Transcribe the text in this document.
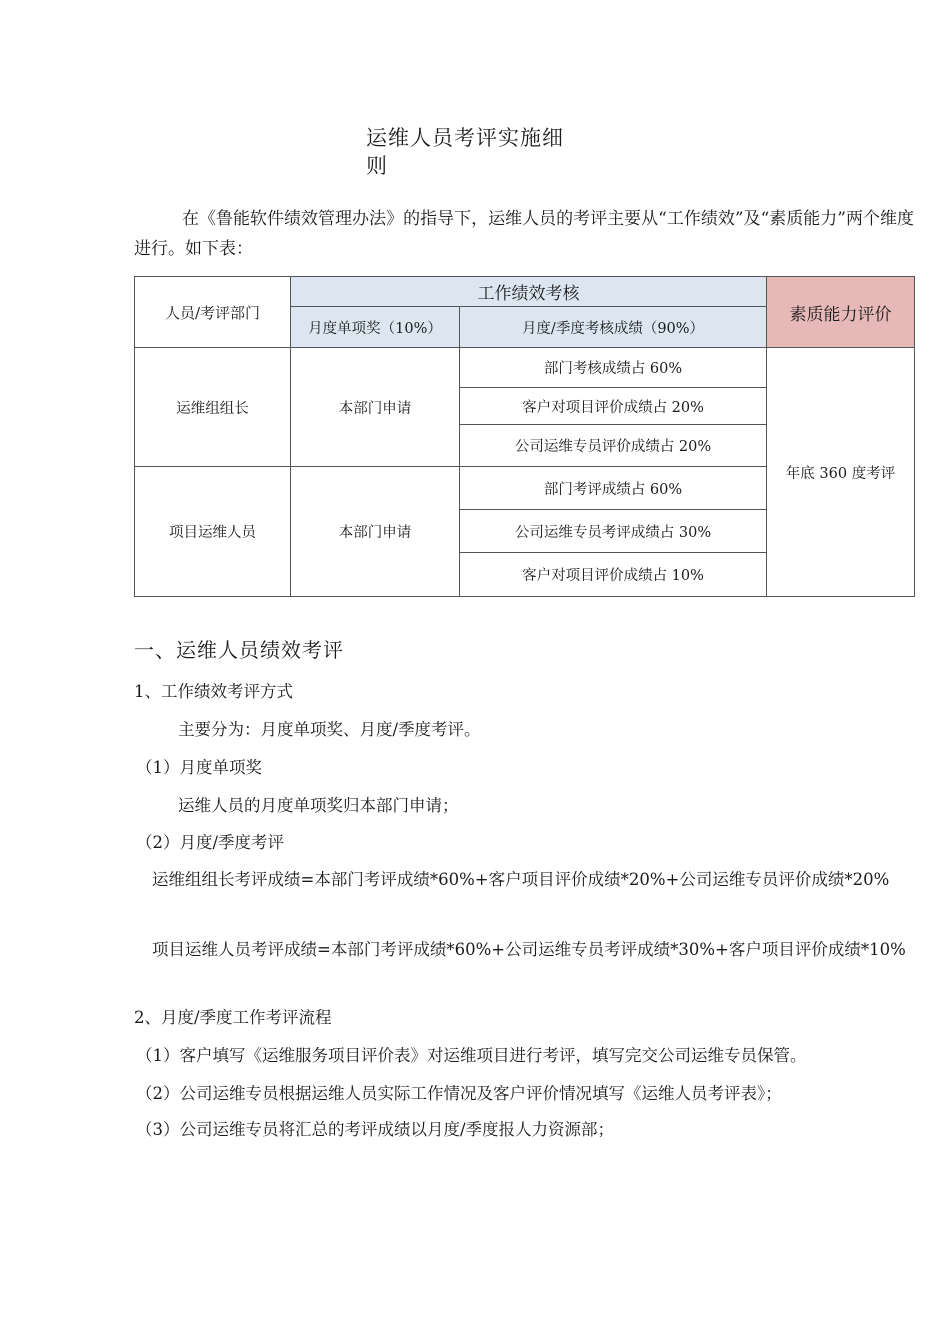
运维人员考评实施细
则
在《鲁能软件绩效管理办法》的指导下，运维人员的考评主要从“工作绩效”及“素质能力”两个维度进行。如下表：
人员/考评部门	工作绩效考核		素质能力评价
	月度单项奖（10%）	月度/季度考核成绩（90%）	
运维组组长	本部门申请	部门考核成绩占 60%	年底 360 度考评
		客户对项目评价成绩占 20%	
		公司运维专员评价成绩占 20%	
项目运维人员	本部门申请	部门考评成绩占 60%	
		公司运维专员考评成绩占 30%	
		客户对项目评价成绩占 10%	
一、运维人员绩效考评
1、工作绩效考评方式
主要分为：月度单项奖、月度/季度考评。
（1）月度单项奖
运维人员的月度单项奖归本部门申请；
（2）月度/季度考评
运维组组长考评成绩=本部门考评成绩*60%+客户项目评价成绩*20%+公司运维专员评价成绩*20%
项目运维人员考评成绩=本部门考评成绩*60%+公司运维专员考评成绩*30%+客户项目评价成绩*10%
2、月度/季度工作考评流程
（1）客户填写《运维服务项目评价表》对运维项目进行考评，填写完交公司运维专员保管。
（2）公司运维专员根据运维人员实际工作情况及客户评价情况填写《运维人员考评表》；
（3）公司运维专员将汇总的考评成绩以月度/季度报人力资源部；
